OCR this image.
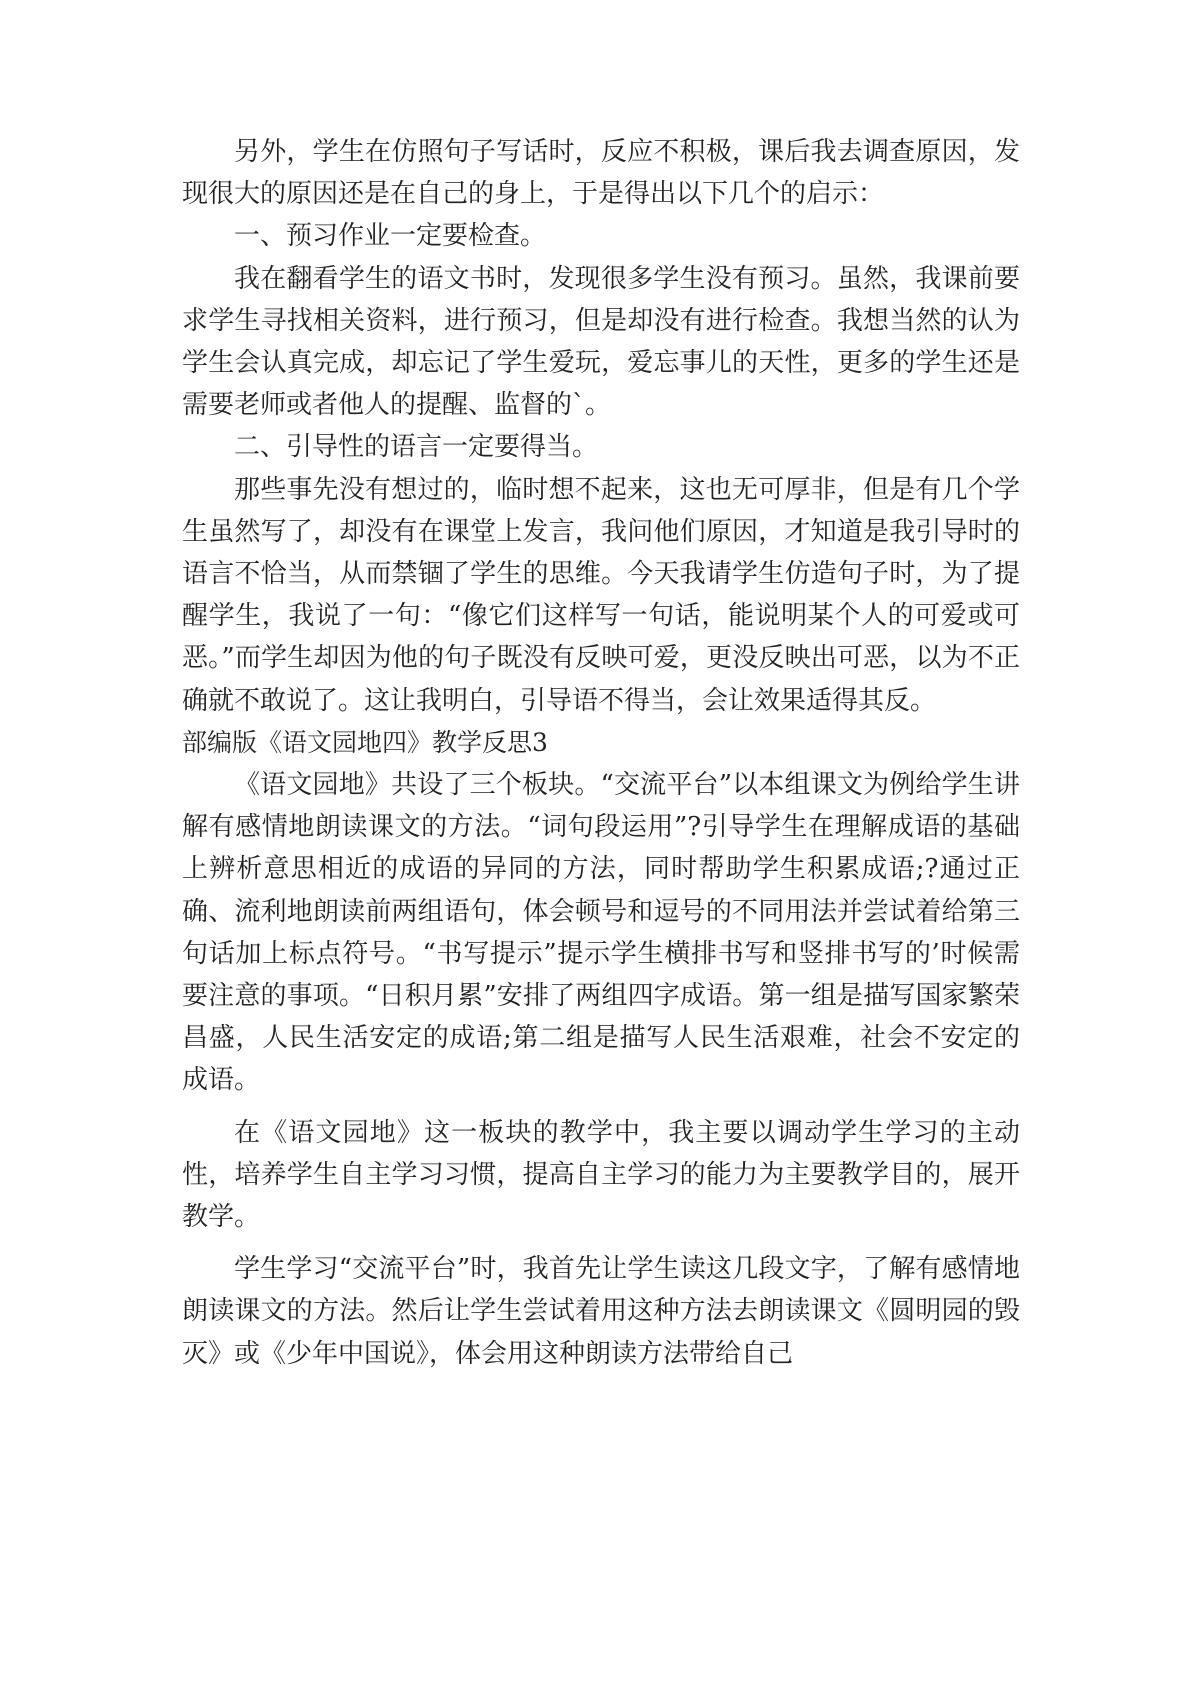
另外，学生在仿照句子写话时，反应不积极，课后我去调查原因，发现很大的原因还是在自己的身上，于是得出以下几个的启示：

一、预习作业一定要检查。

我在翻看学生的语文书时，发现很多学生没有预习。虽然，我课前要求学生寻找相关资料，进行预习，但是却没有进行检查。我想当然的认为学生会认真完成，却忘记了学生爱玩，爱忘事儿的天性，更多的学生还是需要老师或者他人的提醒、监督的`。

二、引导性的语言一定要得当。

那些事先没有想过的，临时想不起来，这也无可厚非，但是有几个学生虽然写了，却没有在课堂上发言，我问他们原因，才知道是我引导时的语言不恰当，从而禁锢了学生的思维。今天我请学生仿造句子时，为了提醒学生，我说了一句：“像它们这样写一句话，能说明某个人的可爱或可恶。”而学生却因为他的句子既没有反映可爱，更没反映出可恶，以为不正确就不敢说了。这让我明白，引导语不得当，会让效果适得其反。

部编版《语文园地四》教学反思3

《语文园地》共设了三个板块。“交流平台”以本组课文为例给学生讲解有感情地朗读课文的方法。“词句段运用”?引导学生在理解成语的基础上辨析意思相近的成语的异同的方法，同时帮助学生积累成语;?通过正确、流利地朗读前两组语句，体会顿号和逗号的不同用法并尝试着给第三句话加上标点符号。“书写提示”提示学生横排书写和竖排书写的’时候需要注意的事项。“日积月累”安排了两组四字成语。第一组是描写国家繁荣昌盛，人民生活安定的成语;第二组是描写人民生活艰难，社会不安定的成语。

在《语文园地》这一板块的教学中，我主要以调动学生学习的主动性，培养学生自主学习习惯，提高自主学习的能力为主要教学目的，展开教学。

学生学习“交流平台”时，我首先让学生读这几段文字，了解有感情地朗读课文的方法。然后让学生尝试着用这种方法去朗读课文《圆明园的毁灭》或《少年中国说》，体会用这种朗读方法带给自己
